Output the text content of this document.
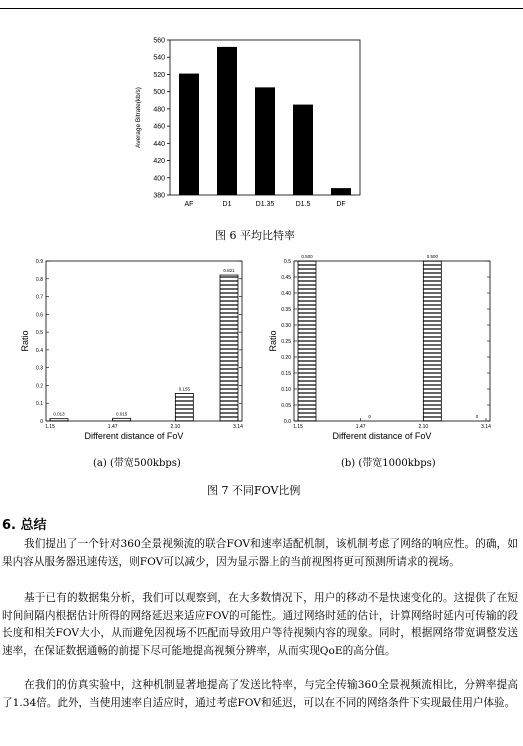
380
400
420
440
460
480
500
520
540
560
Average Bitrate(kb/s)
AF	D1	D1.35	D1.5	DF
图 6 平均比特率
0
0.1
0.2
0.3
0.4
0.5
0.6
0.7
0.8
0.9
Ratio
0.013
1.15
0.015
1.47
0.155
2.10
0.821
3.14
Different distance of FoV
(a) (带宽500kbps)
0.0
0.05
0.10
0.15
0.20
0.25
0.30
0.35
0.40
0.45
0.5
Ratio
0.500
1.15
0
1.47
0.500
2.10
0
3.14
Different distance of FoV
(b) (带宽1000kbps)
图 7 不同FOV比例
6. 总结

我们提出了一个针对360全景视频流的联合FOV和速率适配机制，该机制考虑了网络的响应性。的确，如果内容从服务器迅速传送，则FOV可以减少，因为显示器上的当前视图将更可预测所请求的视场。

基于已有的数据集分析，我们可以观察到，在大多数情况下，用户的移动不是快速变化的。这提供了在短时间间隔内根据估计所得的网络延迟来适应FOV的可能性。通过网络时延的估计，计算网络时延内可传输的段长度和相关FOV大小，从而避免因视场不匹配而导致用户等待视频内容的现象。同时，根据网络带宽调整发送速率，在保证数据通畅的前提下尽可能地提高视频分辨率，从而实现QoE的高分值。

在我们的仿真实验中，这种机制显著地提高了发送比特率，与完全传输360全景视频流相比，分辨率提高了1.34倍。此外，当使用速率自适应时，通过考虑FOV和延迟，可以在不同的网络条件下实现最佳用户体验。
